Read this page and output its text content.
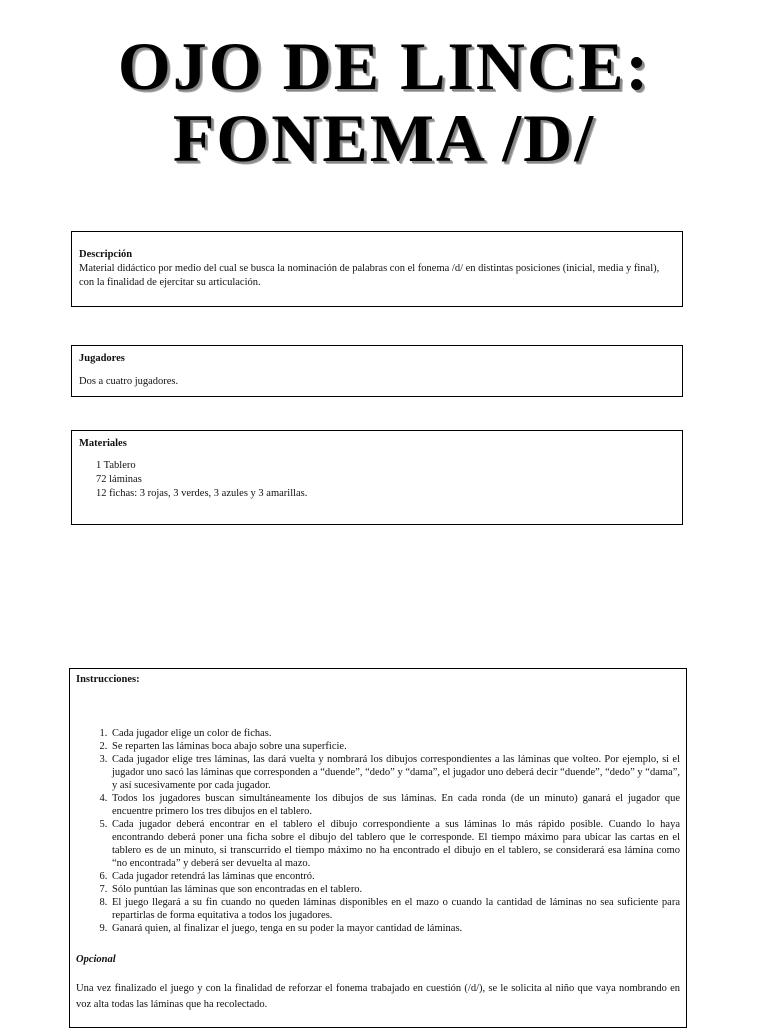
OJO DE LINCE:
FONEMA /D/
Descripción
Material didáctico por medio del cual se busca la nominación de palabras con el fonema /d/ en distintas posiciones (inicial, media y final), con la finalidad de ejercitar su articulación.
Jugadores

Dos a cuatro jugadores.

Materiales
1 Tablero
72 láminas
12 fichas: 3 rojas, 3 verdes, 3 azules y 3 amarillas.
Instrucciones:
1. Cada jugador elige un color de fichas.
2. Se reparten las láminas boca abajo sobre una superficie.
3. Cada jugador elige tres láminas, las dará vuelta y nombrará los dibujos correspondientes a las láminas que volteo. Por ejemplo, si el jugador uno sacó las láminas que corresponden a “duende”, “dedo” y “dama”, el jugador uno deberá decir “duende”, “dedo” y “dama”, y así sucesivamente por cada jugador.
4. Todos los jugadores buscan simultáneamente los dibujos de sus láminas. En cada ronda (de un minuto) ganará el jugador que encuentre primero los tres dibujos en el tablero.
5. Cada jugador deberá encontrar en el tablero el dibujo correspondiente a sus láminas lo más rápido posible. Cuando lo haya encontrando deberá poner una ficha sobre el dibujo del tablero que le corresponde. El tiempo máximo para ubicar las cartas en el tablero es de un minuto, si transcurrido el tiempo máximo no ha encontrado el dibujo en el tablero, se considerará esa lámina como “no encontrada” y deberá ser devuelta al mazo.
6. Cada jugador retendrá las láminas que encontró.
7. Sólo puntúan las láminas que son encontradas en el tablero.
8. El juego llegará a su fin cuando no queden láminas disponibles en el mazo o cuando la cantidad de láminas no sea suficiente para repartirlas de forma equitativa a todos los jugadores.
9. Ganará quien, al finalizar el juego, tenga en su poder la mayor cantidad de láminas.

Opcional

Una vez finalizado el juego y con la finalidad de reforzar el fonema trabajado en cuestión (/d/), se le solicita al niño que vaya nombrando en voz alta todas las láminas que ha recolectado.
